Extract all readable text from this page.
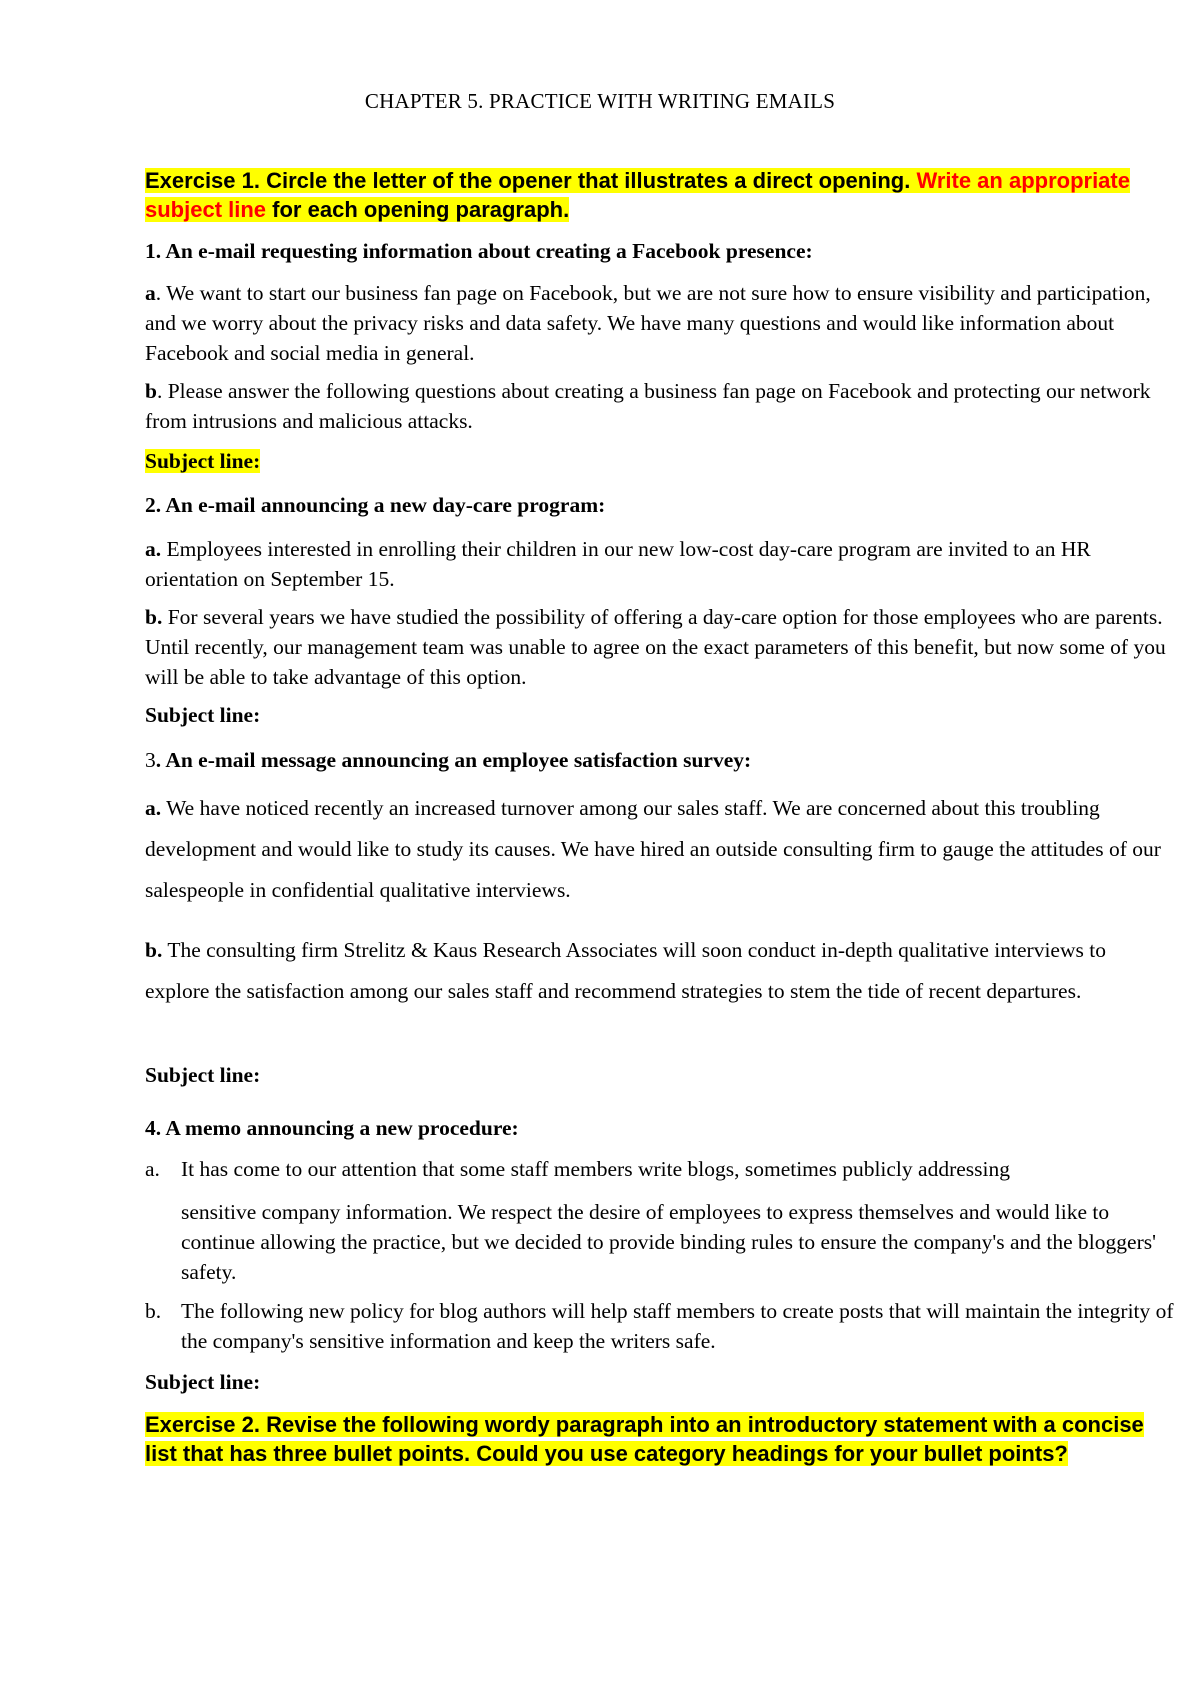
CHAPTER 5. PRACTICE WITH WRITING EMAILS
Exercise 1. Circle the letter of the opener that illustrates a direct opening. Write an appropriate subject line for each opening paragraph.
1. An e-mail requesting information about creating a Facebook presence:
a. We want to start our business fan page on Facebook, but we are not sure how to ensure visibility and participation, and we worry about the privacy risks and data safety. We have many questions and would like information about Facebook and social media in general.
b. Please answer the following questions about creating a business fan page on Facebook and protecting our network from intrusions and malicious attacks.
Subject line:
2. An e-mail announcing a new day-care program:
a. Employees interested in enrolling their children in our new low-cost day-care program are invited to an HR orientation on September 15.
b. For several years we have studied the possibility of offering a day-care option for those employees who are parents. Until recently, our management team was unable to agree on the exact parameters of this benefit, but now some of you will be able to take advantage of this option.
Subject line:
3. An e-mail message announcing an employee satisfaction survey:
a. We have noticed recently an increased turnover among our sales staff. We are concerned about this troubling development and would like to study its causes. We have hired an outside consulting firm to gauge the attitudes of our salespeople in confidential qualitative interviews.
b. The consulting firm Strelitz & Kaus Research Associates will soon conduct in-depth qualitative interviews to explore the satisfaction among our sales staff and recommend strategies to stem the tide of recent departures.
Subject line:
4. A memo announcing a new procedure:
a. It has come to our attention that some staff members write blogs, sometimes publicly addressing
sensitive company information. We respect the desire of employees to express themselves and would like to continue allowing the practice, but we decided to provide binding rules to ensure the company's and the bloggers' safety.
b. The following new policy for blog authors will help staff members to create posts that will maintain the integrity of the company's sensitive information and keep the writers safe.
Subject line:
Exercise 2. Revise the following wordy paragraph into an introductory statement with a concise list that has three bullet points. Could you use category headings for your bullet points?
